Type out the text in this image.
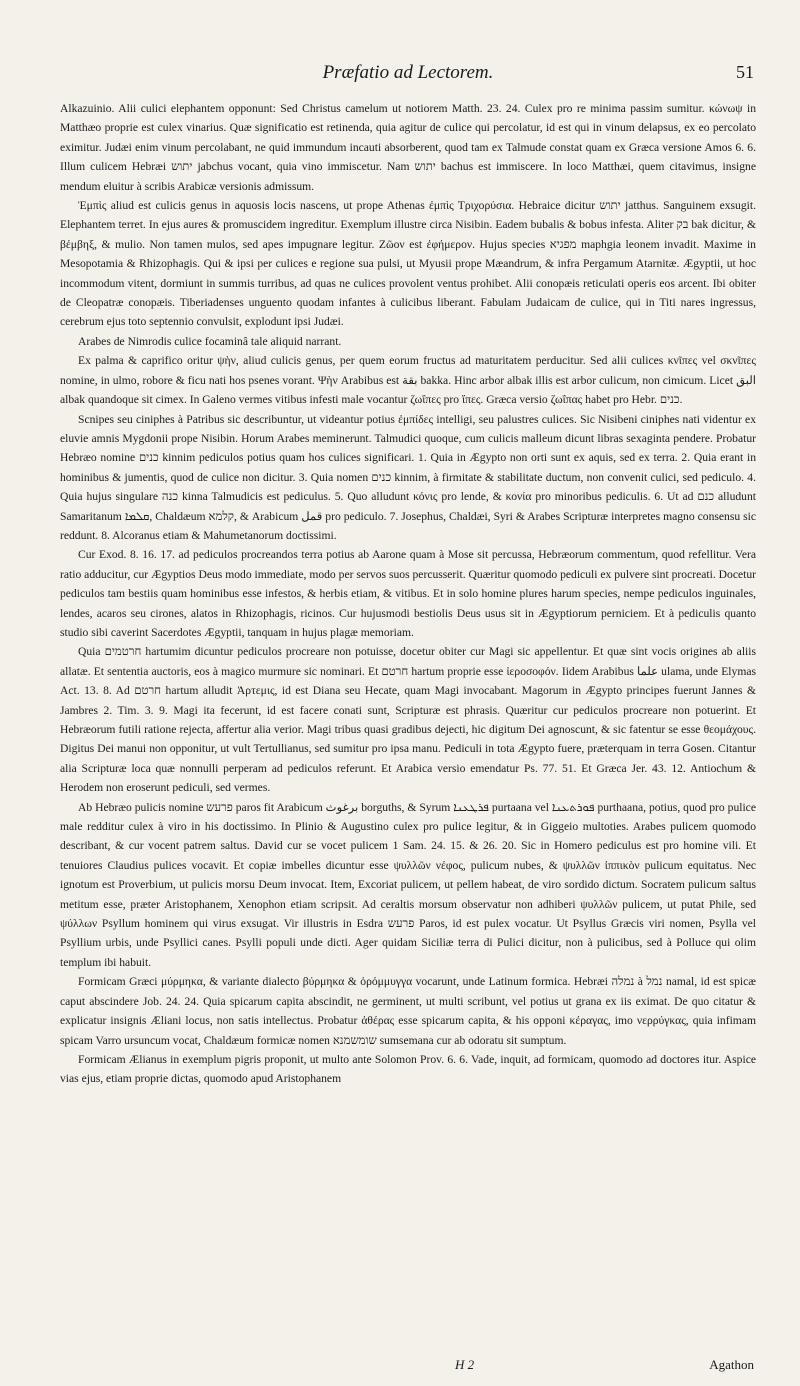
Præfatio ad Lectorem.	51

Alkazuinio. Alii culici elephantem opponunt: Sed Christus camelum ut notiorem Matth. 23. 24. Culex pro re minima passim sumitur. κώνωψ in Matthæo proprie est culex vinarius. Quæ significatio est retinenda, quia agitur de culice qui percolatur, id est qui in vinum delapsus, ex eo percolato eximitur. Judæi enim vinum percolabant, ne quid immundum incauti absorberent, quod tam ex Talmude constat quam ex Græca versione Amos 6. 6. Illum culicem Hebræi יתוש jabchus vocant, quia vino immiscetur. Nam יתוש bachus est immiscere. In loco Matthæi, quem citavimus, insigne mendum eluitur à scribis Arabicæ versionis admissum.

Ἐμπὶς aliud est culicis genus in aquosis locis nascens, ut prope Athenas ἐμπὶς Τριχορύσια. Hebraice dicitur יתוש jatthus. Sanguinem exsugit. Elephantem terret. In ejus aures & promuscidem ingreditur. Exemplum illustre circa Nisibin. Eadem bubalis & bobus infesta. Aliter בק bak dicitur, & βέμβηξ, & mulio. Non tamen mulos, sed apes impugnare legitur. Ζῶον est ἐφήμερον. Hujus species מפגיא maphgia leonem invadit. Maxime in Mesopotamia & Rhizophagis. Qui & ipsi per culices e regione sua pulsi, ut Myusii prope Mæandrum, & infra Pergamum Atarnitæ. Ægyptii, ut hoc incommodum vitent, dormiunt in summis turribus, ad quas ne culices provolent ventus prohibet. Alii conopæis reticulati operis eos arcent. Ibi obiter de Cleopatræ conopæis. Tiberiadenses unguento quodam infantes à culicibus liberant. Fabulam Judaicam de culice, qui in Titi nares ingressus, cerebrum ejus toto septennio convulsit, explodunt ipsi Judæi.

Arabes de Nimrodis culice focaminâ tale aliquid narrant.

Ex palma & caprifico oritur ψὴν, aliud culicis genus, per quem eorum fructus ad maturitatem perducitur. Sed alii culices κνῖπες vel σκνῖπες nomine, in ulmo, robore & ficu nati hos psenes vorant. Ψὴν Arabibus est بقة bakka. Hinc arbor albak illis est arbor culicum, non cimicum. Licet البق albak quandoque sit cimex. In Galeno vermes vitibus infesti male vocantur ζωΐπες pro ἴπες. Græca versio ζωΐπας habet pro Hebr. כנים.

Scnipes seu ciniphes à Patribus sic describuntur, ut videantur potius ἐμπίδες intelligi, seu palustres culices. Sic Nisibeni ciniphes nati videntur ex eluvie amnis Mygdonii prope Nisibin. Horum Arabes meminerunt. Talmudici quoque, cum culicis malleum dicunt libras sexaginta pendere. Probatur Hebræo nomine כנים kinnim pediculos potius quam hos culices significari. 1. Quia in Ægypto non orti sunt ex aquis, sed ex terra. 2. Quia erant in hominibus & jumentis, quod de culice non dicitur. 3. Quia nomen כנים kinnim, à firmitate & stabilitate ductum, non convenit culici, sed pediculo. 4. Quia hujus singulare כנה kinna Talmudicis est pediculus. 5. Quo alludunt κόνις pro lende, & κονία pro minoribus pediculis. 6. Ut ad כנם alludunt Samaritanum ܩܠܡܐ, Chaldæum קלמא, & Arabicum قمل pro pediculo. 7. Josephus, Chaldæi, Syri & Arabes Scripturæ interpretes magno consensu sic reddunt. 8. Alcoranus etiam & Mahumetanorum doctissimi.

Cur Exod. 8. 16. 17. ad pediculos procreandos terra potius ab Aarone quam à Mose sit percussa, Hebræorum commentum, quod refellitur. Vera ratio adducitur, cur Ægyptios Deus modo immediate, modo per servos suos percusserit. Quæritur quomodo pediculi ex pulvere sint procreati. Docetur pediculos tam bestiis quam hominibus esse infestos, & herbis etiam, & vitibus. Et in solo homine plures harum species, nempe pediculos inguinales, lendes, acaros seu cirones, alatos in Rhizophagis, ricinos. Cur hujusmodi bestiolis Deus usus sit in Ægyptiorum perniciem. Et à pediculis quanto studio sibi caverint Sacerdotes Ægyptii, tanquam in hujus plagæ memoriam.

Quia חרטמים hartumim dicuntur pediculos procreare non potuisse, docetur obiter cur Magi sic appellentur. Et quæ sint vocis origines ab aliis allatæ. Et sententia auctoris, eos à magico murmure sic nominari. Et חרטם hartum proprie esse ἱεροσοφόν. Iidem Arabibus علما ulama, unde Elymas Act. 13. 8. Ad חרטם hartum alludit Ἀρτεμις, id est Diana seu Hecate, quam Magi invocabant. Magorum in Ægypto principes fuerunt Jannes & Jambres 2. Tim. 3. 9. Magi ita fecerunt, id est facere conati sunt, Scripturæ est phrasis. Quæritur cur pediculos procreare non potuerint. Et Hebræorum futili ratione rejecta, affertur alia verior. Magi tribus quasi gradibus dejecti, hic digitum Dei agnoscunt, & sic fatentur se esse θεομάχους. Digitus Dei manui non opponitur, ut vult Tertullianus, sed sumitur pro ipsa manu. Pediculi in tota Ægypto fuere, præterquam in terra Gosen. Citantur alia Scripturæ loca quæ nonnulli perperam ad pediculos referunt. Et Arabica versio emendatur Ps. 77. 51. Et Græca Jer. 43. 12. Antiochum & Herodem non eroserunt pediculi, sed vermes.

Ab Hebræo pulicis nomine פרעש paros fit Arabicum برغوث borguths, & Syrum ܦܪܛܥܢܐ purtaana vel ܦܘܪܬܥܢܐ purthaana, potius, quod pro pulice male redditur culex à viro in his doctissimo. In Plinio & Augustino culex pro pulice legitur, & in Giggeio multoties. Arabes pulicem quomodo describant, & cur vocent patrem saltus. David cur se vocet pulicem 1 Sam. 24. 15. & 26. 20. Sic in Homero pediculus est pro homine vili. Et tenuiores Claudius pulices vocavit. Et copiæ imbelles dicuntur esse ψυλλῶν νέφος, pulicum nubes, & ψυλλῶν ἱππικὸν pulicum equitatus. Nec ignotum est Proverbium, ut pulicis morsu Deum invocat. Item, Excoriat pulicem, ut pellem habeat, de viro sordido dictum. Socratem pulicum saltus metitum esse, præter Aristophanem, Xenophon etiam scripsit. Ad ceraltis morsum observatur non adhiberi ψυλλῶν pulicem, ut putat Phile, sed ψύλλων Psyllum hominem qui virus exsugat. Vir illustris in Esdra פרעש Paros, id est pulex vocatur. Ut Psyllus Græcis viri nomen, Psylla vel Psyllium urbis, unde Psyllici canes. Psylli populi unde dicti. Ager quidam Siciliæ terra di Pulici dicitur, non à pulicibus, sed à Polluce qui olim templum ibi habuit.

Formicam Græci μύρμηκα, & variante dialecto βύρμηκα & ὀρόμμυγγα vocarunt, unde Latinum formica. Hebræi נמלה à נמל namal, id est spicæ caput abscindere Job. 24. 24. Quia spicarum capita abscindit, ne germinent, ut multi scribunt, vel potius ut grana ex iis eximat. De quo citatur & explicatur insignis Æliani locus, non satis intellectus. Probatur ἀθέρας esse spicarum capita, & his opponi κέραγας, imo νερρύγκας, quia infimam spicam Varro ursuncum vocat, Chaldæum formicæ nomen שומשמנא sumsemana cur ab odoratu sit sumptum.

Formicam Ælianus in exemplum pigris proponit, ut multo ante Solomon Prov. 6. 6. Vade, inquit, ad formicam, quomodo ad doctores itur. Aspice vias ejus, etiam proprie dictas, quomodo apud Aristophanem

H 2	Agathon
